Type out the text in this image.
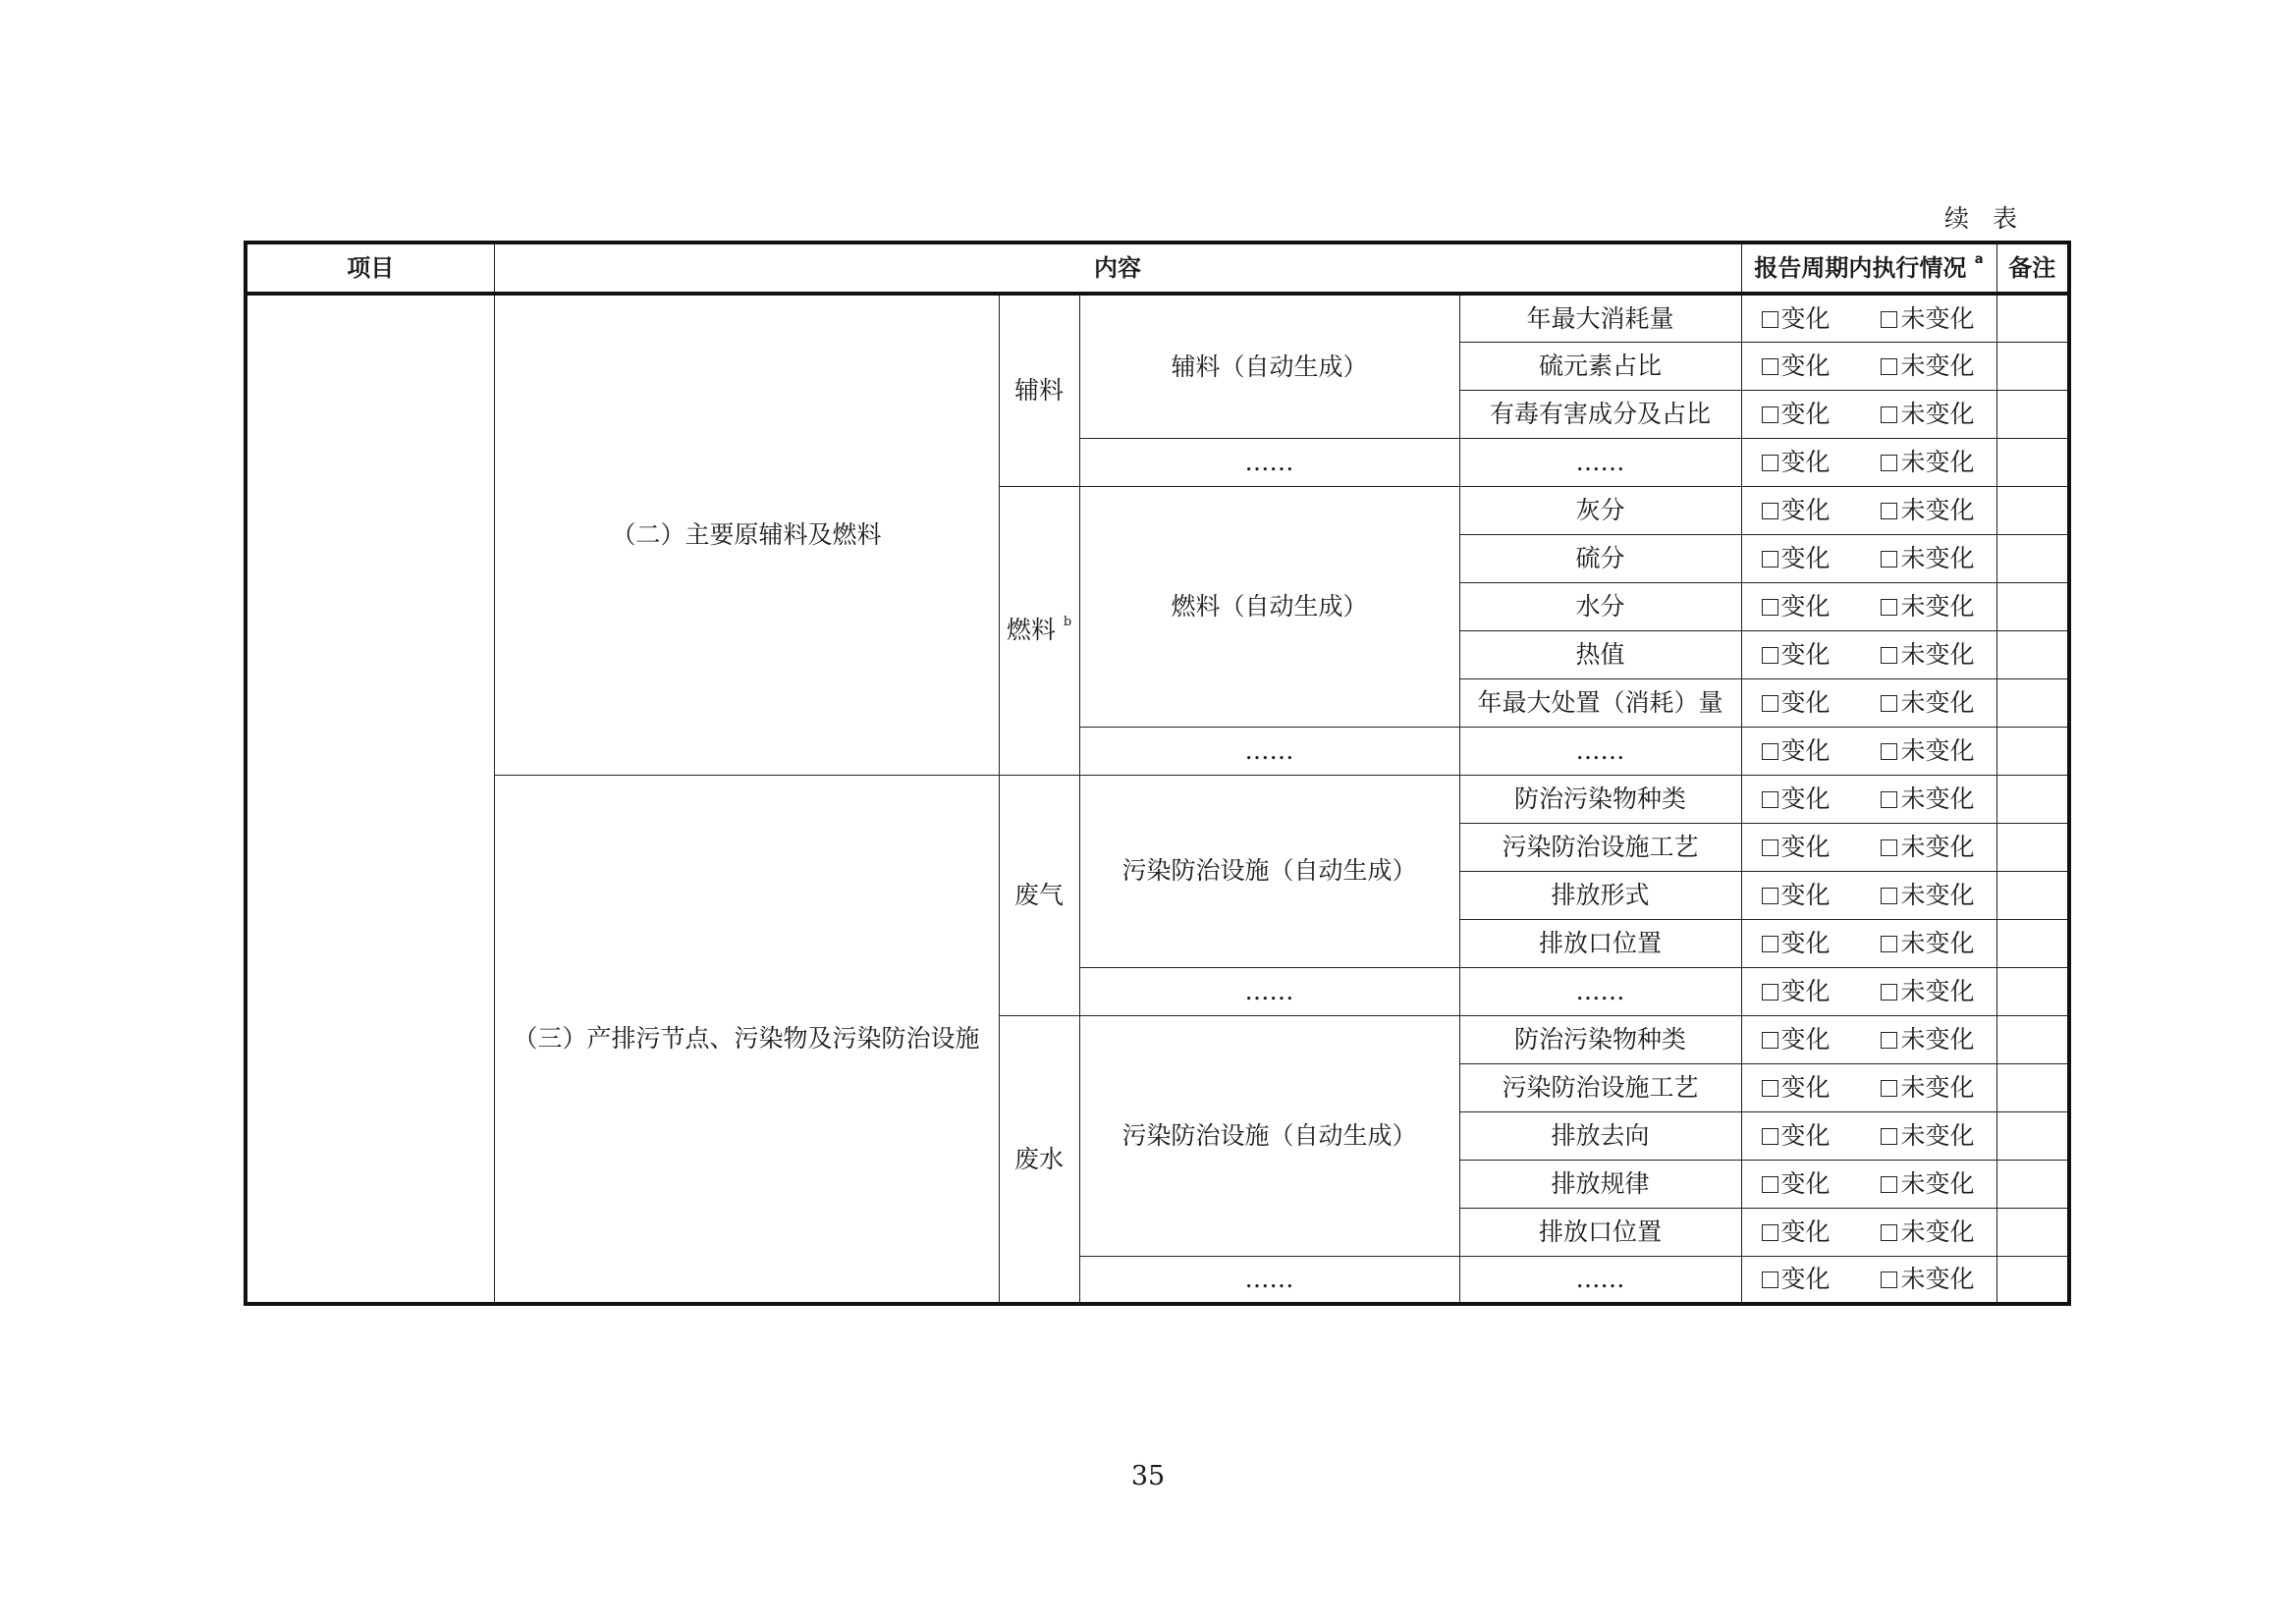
续 表
项目	内容				报告周期内执行情况 $^a$	备注
	（二）主要原辅料及燃料	辅料	辅料（自动生成）	年最大消耗量	变化 未变化	

				硫元素占比	变化 未变化	

				有毒有害成分及占比	变化 未变化	

			……	……	变化 未变化	

		燃料 $^b$	燃料（自动生成）	灰分	变化 未变化	

				硫分	变化 未变化	

				水分	变化 未变化	

				热值	变化 未变化	

				年最大处置（消耗）量	变化 未变化	

			……	……	变化 未变化	

	（三）产排污节点、污染物及污染防治设施	废气	污染防治设施（自动生成）	防治污染物种类	变化 未变化	

				污染防治设施工艺	变化 未变化	

				排放形式	变化 未变化	

				排放口位置	变化 未变化	

			……	……	变化 未变化	

		废水	污染防治设施（自动生成）	防治污染物种类	变化 未变化	

				污染防治设施工艺	变化 未变化	

				排放去向	变化 未变化	

				排放规律	变化 未变化	

				排放口位置	变化 未变化	

			……	……	变化 未变化	

35
